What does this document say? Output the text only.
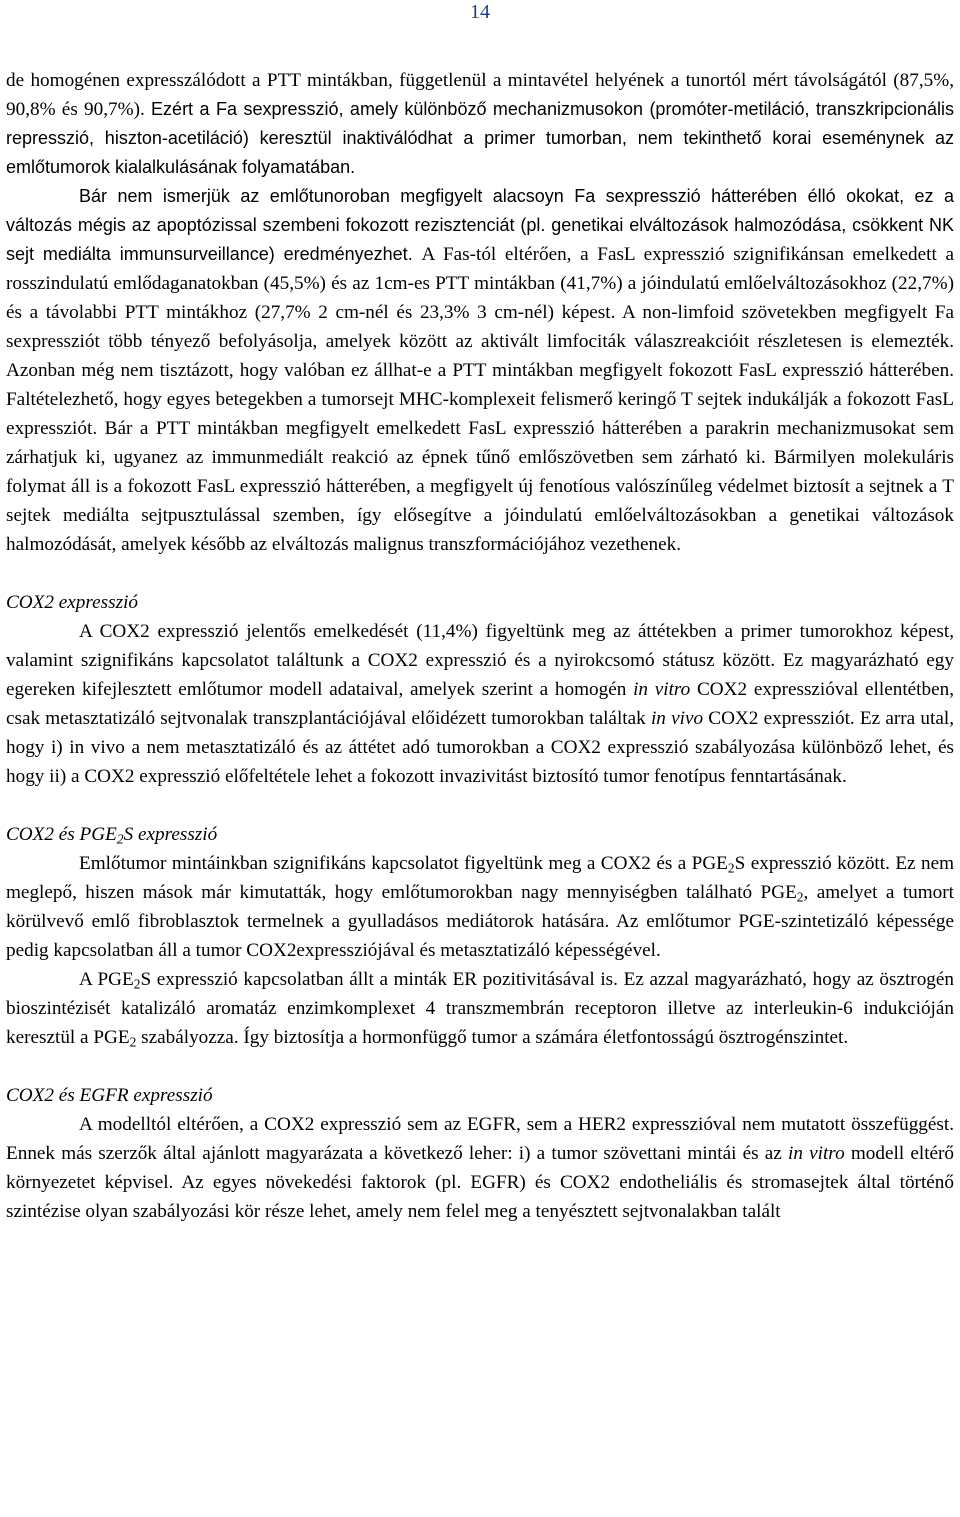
14

de homogénen expresszálódott a PTT mintákban, függetlenül a mintavétel helyének a tunortól mért távolságától (87,5%, 90,8% és 90,7%). Ezért a Fa sexpresszió, amely különböző mechanizmusokon (promóter-metiláció, transzkripcionális represszió, hiszton-acetiláció) keresztül inaktiválódhat a primer tumorban, nem tekinthető korai eseménynek az emlőtumorok kialalkulásának folyamatában.

Bár nem ismerjük az emlőtunoroban megfigyelt alacsoyn Fa sexpresszió hátterében élló okokat, ez a változás mégis az apoptózissal szembeni fokozott rezisztenciát (pl. genetikai elváltozások halmozódása, csökkent NK sejt mediálta immunsurveillance) eredményezhet. A Fas-tól eltérően, a FasL expresszió szignifikánsan emelkedett a rosszindulatú emlődaganatokban (45,5%) és az 1cm-es PTT mintákban (41,7%) a jóindulatú emlőelváltozásokhoz (22,7%) és a távolabbi PTT mintákhoz (27,7% 2 cm-nél és 23,3% 3 cm-nél) képest. A non-limfoid szövetekben megfigyelt Fa sexpressziót több tényező befolyásolja, amelyek között az aktivált limfociták válaszreakcióit részletesen is elemezték. Azonban még nem tisztázott, hogy valóban ez állhat-e a PTT mintákban megfigyelt fokozott FasL expresszió hátterében. Faltételezhető, hogy egyes betegekben a tumorsejt MHC-komplexeit felismerő keringő T sejtek indukálják a fokozott FasL expressziót. Bár a PTT mintákban megfigyelt emelkedett FasL expresszió hátterében a parakrin mechanizmusokat sem zárhatjuk ki, ugyanez az immunmediált reakció az épnek tűnő emlőszövetben sem zárható ki. Bármilyen molekuláris folymat áll is a fokozott FasL expresszió hátterében, a megfigyelt új fenotíous valószínűleg védelmet biztosít a sejtnek a T sejtek mediálta sejtpusztulással szemben, így elősegítve a jóindulatú emlőelváltozásokban a genetikai változások halmozódását, amelyek később az elváltozás malignus transzformációjához vezethenek.

COX2 expresszió

A COX2 expresszió jelentős emelkedését (11,4%) figyeltünk meg az áttétekben a primer tumorokhoz képest, valamint szignifikáns kapcsolatot találtunk a COX2 expresszió és a nyirokcsomó státusz között. Ez magyarázható egy egereken kifejlesztett emlőtumor modell adataival, amelyek szerint a homogén in vitro COX2 expresszióval ellentétben, csak metasztatizáló sejtvonalak transzplantációjával előidézett tumorokban találtak in vivo COX2 expressziót. Ez arra utal, hogy i) in vivo a nem metasztatizáló és az áttétet adó tumorokban a COX2 expresszió szabályozása különböző lehet, és hogy ii) a COX2 expresszió előfeltétele lehet a fokozott invazivitást biztosító tumor fenotípus fenntartásának.

COX2 és $PGE_2S$ expresszió

Emlőtumor mintáinkban szignifikáns kapcsolatot figyeltünk meg a COX2 és a $PGE_2S$ expresszió között. Ez nem meglepő, hiszen mások már kimutatták, hogy emlőtumorokban nagy mennyiségben található $PGE_2$, amelyet a tumort körülvevő emlő fibroblasztok termelnek a gyulladásos mediátorok hatására. Az emlőtumor PGE-szintetizáló képessége pedig kapcsolatban áll a tumor COX2expressziójával és metasztatizáló képességével.

A $PGE_2S$ expresszió kapcsolatban állt a minták ER pozitivitásával is. Ez azzal magyarázható, hogy az ösztrogén bioszintézisét katalizáló aromatáz enzimkomplexet 4 transzmembrán receptoron illetve az interleukin-6 indukcióján keresztül a $PGE_2$ szabályozza. Így biztosítja a hormonfüggő tumor a számára életfontosságú ösztrogénszintet.

COX2 és EGFR expresszió

A modelltól eltérően, a COX2 expresszió sem az EGFR, sem a HER2 expresszióval nem mutatott összefüggést. Ennek más szerzők által ajánlott magyarázata a következő leher: i) a tumor szövettani mintái és az in vitro modell eltérő környezetet képvisel. Az egyes növekedési faktorok (pl. EGFR) és COX2 endotheliális és stromasejtek által történő szintézise olyan szabályozási kör része lehet, amely nem felel meg a tenyésztett sejtvonalakban talált
